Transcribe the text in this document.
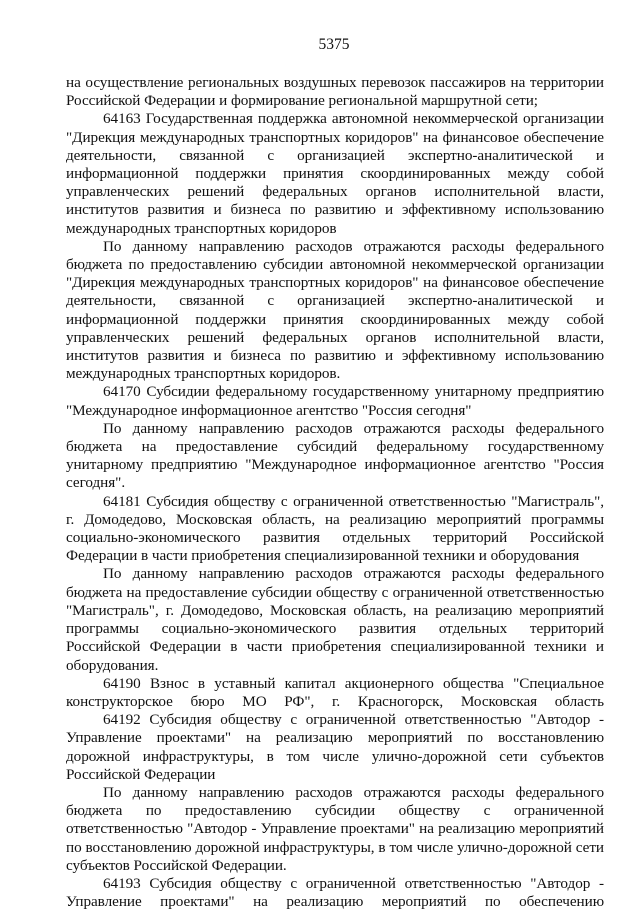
5375

на осуществление региональных воздушных перевозок пассажиров на территории Российской Федерации и формирование региональной маршрутной сети;

64163 Государственная поддержка автономной некоммерческой организации "Дирекция международных транспортных коридоров" на финансовое обеспечение деятельности, связанной с организацией экспертно-аналитической и информационной поддержки принятия скоординированных между собой управленческих решений федеральных органов исполнительной власти, институтов развития и бизнеса по развитию и эффективному использованию международных транспортных коридоров

По данному направлению расходов отражаются расходы федерального бюджета по предоставлению субсидии автономной некоммерческой организации "Дирекция международных транспортных коридоров" на финансовое обеспечение деятельности, связанной с организацией экспертно-аналитической и информационной поддержки принятия скоординированных между собой управленческих решений федеральных органов исполнительной власти, институтов развития и бизнеса по развитию и эффективному использованию международных транспортных коридоров.

64170 Субсидии федеральному государственному унитарному предприятию "Международное информационное агентство "Россия сегодня"

По данному направлению расходов отражаются расходы федерального бюджета на предоставление субсидий федеральному государственному унитарному предприятию "Международное информационное агентство "Россия сегодня".

64181 Субсидия обществу с ограниченной ответственностью "Магистраль", г. Домодедово, Московская область, на реализацию мероприятий программы социально-экономического развития отдельных территорий Российской Федерации в части приобретения специализированной техники и оборудования

По данному направлению расходов отражаются расходы федерального бюджета на предоставление субсидии обществу с ограниченной ответственностью "Магистраль", г. Домодедово, Московская область, на реализацию мероприятий программы социально-экономического развития отдельных территорий Российской Федерации в части приобретения специализированной техники и оборудования.

64190 Взнос в уставный капитал акционерного общества "Специальное конструкторское бюро МО РФ", г. Красногорск, Московская область

64192 Субсидия обществу с ограниченной ответственностью "Автодор - Управление проектами" на реализацию мероприятий по восстановлению дорожной инфраструктуры, в том числе улично-дорожной сети субъектов Российской Федерации

По данному направлению расходов отражаются расходы федерального бюджета по предоставлению субсидии обществу с ограниченной ответственностью "Автодор - Управление проектами" на реализацию мероприятий по восстановлению дорожной инфраструктуры, в том числе улично-дорожной сети субъектов Российской Федерации.

64193 Субсидия обществу с ограниченной ответственностью "Автодор - Управление проектами" на реализацию мероприятий по обеспечению
